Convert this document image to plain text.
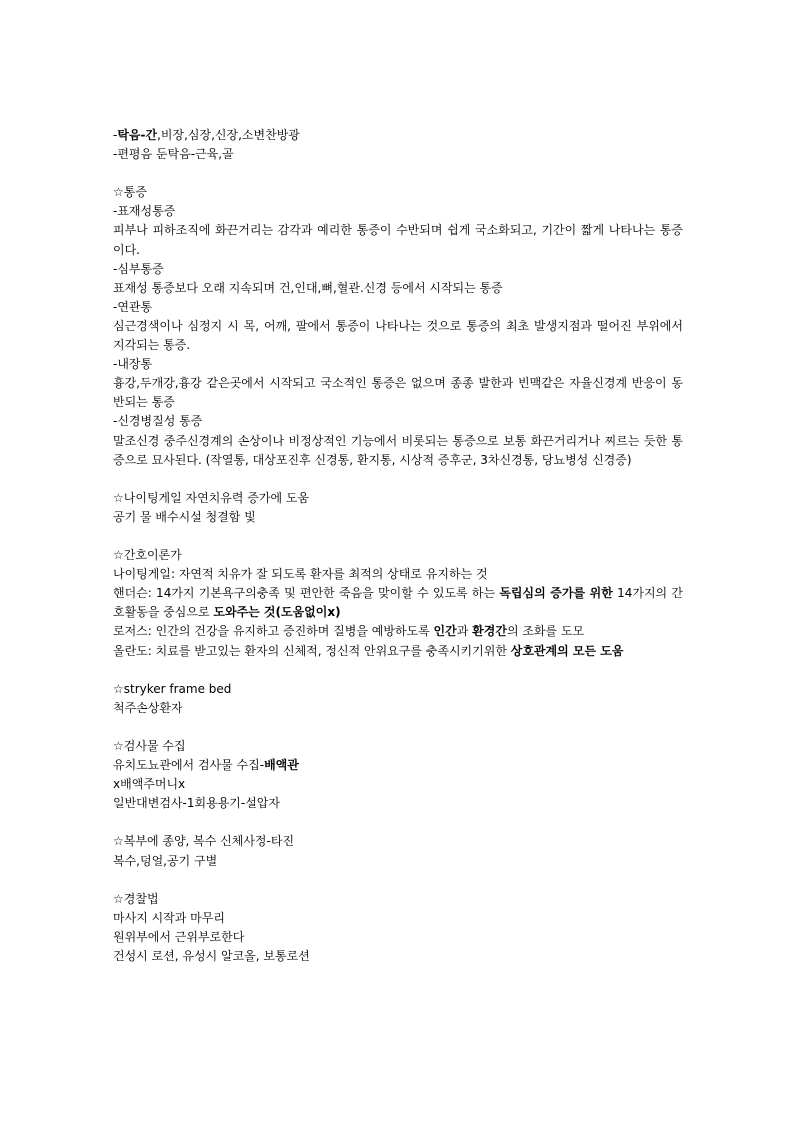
-탁음-간,비장,심장,신장,소변찬방광
-편평음 둔탁음-근육,골
☆통증
-표재성통증
피부나 피하조직에 화끈거리는 감각과 예리한 통증이 수반되며 쉽게 국소화되고, 기간이 짧게 나타나는 통증이다.
-심부통증
표재성 통증보다 오래 지속되며 건,인대,뼈,혈관.신경 등에서 시작되는 통증
-연관통
심근경색이나 심정지 시 목, 어깨, 팔에서 통증이 나타나는 것으로 통증의 최초 발생지점과 떨어진 부위에서 지각되는 통증.
-내장통
흉강,두개강,흉강 같은곳에서 시작되고 국소적인 통증은 없으며 종종 발한과 빈맥같은 자율신경계 반응이 동반되는 통증
-신경병질성 통증
말조신경 중주신경계의 손상이나 비정상적인 기능에서 비롯되는 통증으로 보통 화끈거리거나 찌르는 듯한 통증으로 묘사된다. (작열통, 대상포진후 신경통, 환지통, 시상적 증후군, 3차신경통, 당뇨병성 신경증)
☆나이팅게일 자연치유력 증가에 도움
공기 물 배수시설 청결함 빛
☆간호이론가
나이팅게일: 자연적 치유가 잘 되도록 환자를 최적의 상태로 유지하는 것
핸더슨: 14가지 기본욕구의충족 및 편안한 죽음을 맞이할 수 있도록 하는 독립심의 증가를 위한 14가지의 간호활동을 중심으로 도와주는 것(도움없이x)
로저스: 인간의 건강을 유지하고 증진하며 질병을 예방하도록 인간과 환경간의 조화를 도모
올란도: 치료를 받고있는 환자의 신체적, 정신적 안위요구를 충족시키기위한 상호관계의 모든 도움
☆stryker frame bed
척주손상환자
☆검사물 수집
유치도뇨관에서 검사물 수집-배액관
x배액주머니x
일반대변검사-1회용용기-설압자
☆복부에 종양, 복수 신체사정-타진
복수,덩얼,공기 구별
☆경찰법
마사지 시작과 마무리
원위부에서 근위부로한다
건성시 로션, 유성시 알코올, 보통로션
